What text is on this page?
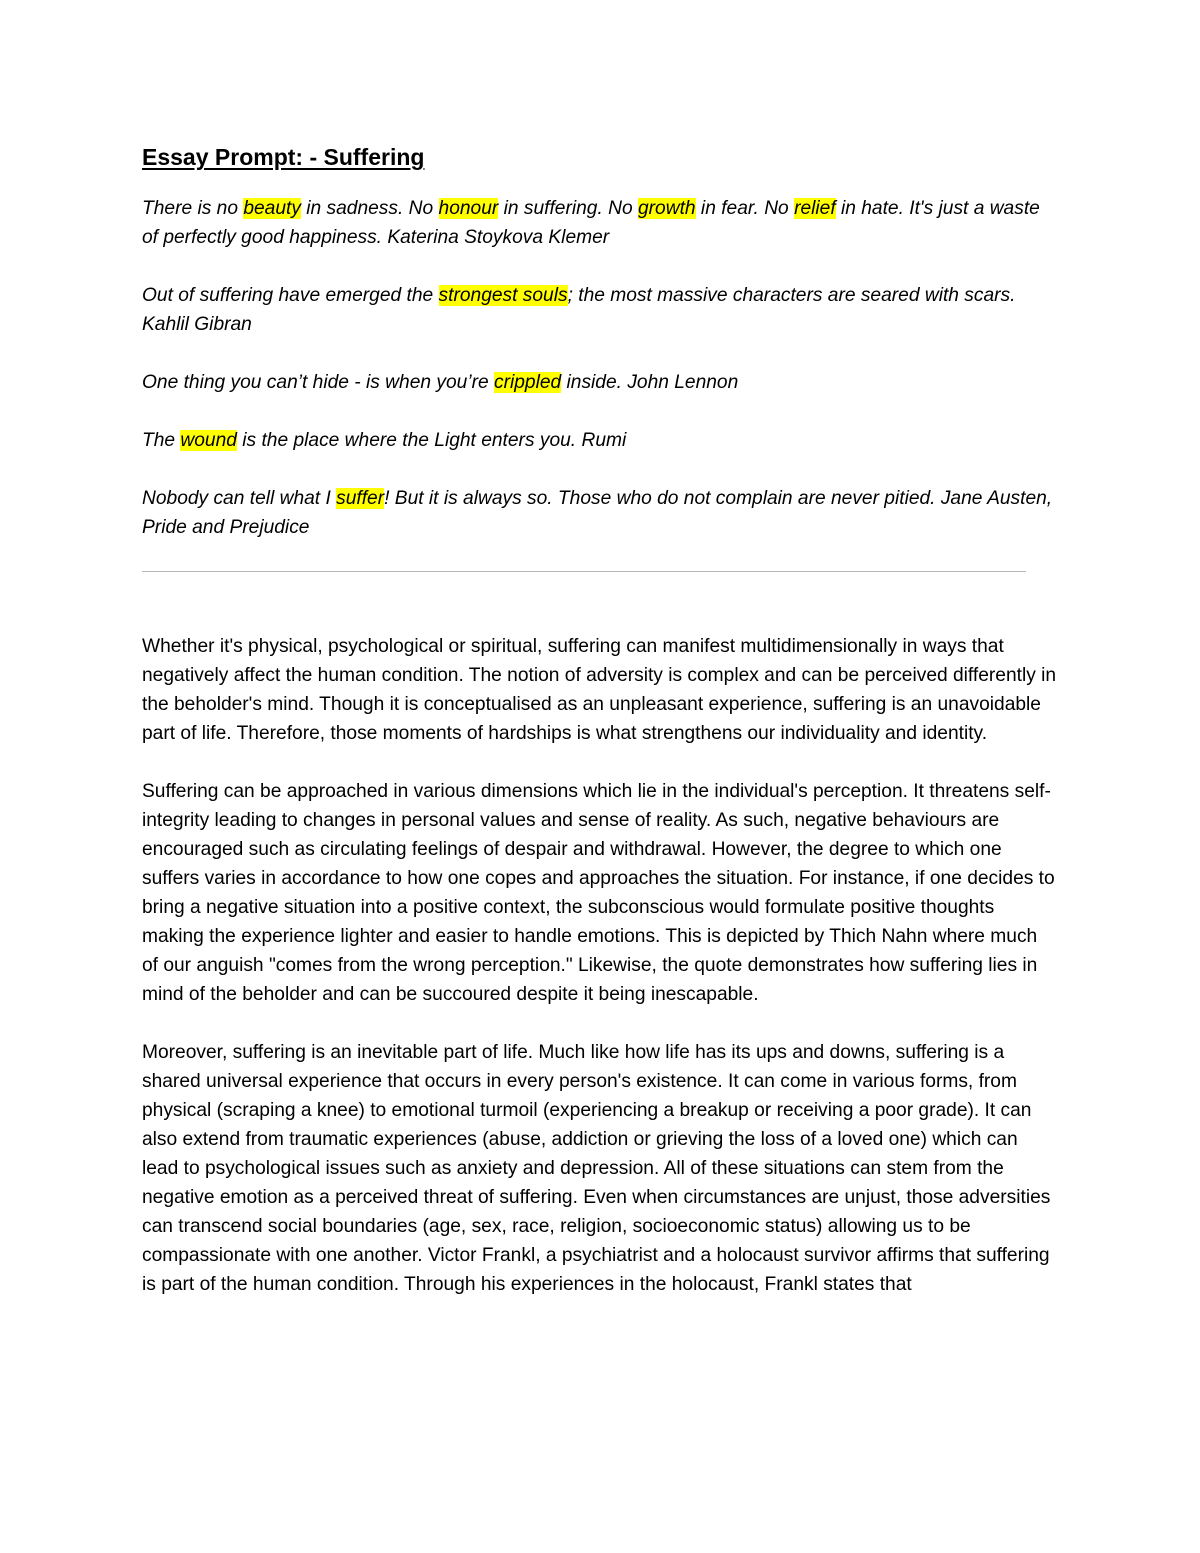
Essay Prompt: - Suffering

There is no beauty in sadness. No honour in suffering. No growth in fear. No relief in hate. It's just a waste of perfectly good happiness. Katerina Stoykova Klemer

Out of suffering have emerged the strongest souls; the most massive characters are seared with scars. Kahlil Gibran

One thing you can’t hide - is when you’re crippled inside. John Lennon

The wound is the place where the Light enters you. Rumi

Nobody can tell what I suffer! But it is always so. Those who do not complain are never pitied. Jane Austen, Pride and Prejudice

Whether it's physical, psychological or spiritual, suffering can manifest multidimensionally in ways that negatively affect the human condition. The notion of adversity is complex and can be perceived differently in the beholder's mind. Though it is conceptualised as an unpleasant experience, suffering is an unavoidable part of life. Therefore, those moments of hardships is what strengthens our individuality and identity.

Suffering can be approached in various dimensions which lie in the individual's perception. It threatens self-integrity leading to changes in personal values and sense of reality. As such, negative behaviours are encouraged such as circulating feelings of despair and withdrawal. However, the degree to which one suffers varies in accordance to how one copes and approaches the situation. For instance, if one decides to bring a negative situation into a positive context, the subconscious would formulate positive thoughts making the experience lighter and easier to handle emotions. This is depicted by Thich Nahn where much of our anguish "comes from the wrong perception." Likewise, the quote demonstrates how suffering lies in mind of the beholder and can be succoured despite it being inescapable.

Moreover, suffering is an inevitable part of life. Much like how life has its ups and downs, suffering is a shared universal experience that occurs in every person's existence. It can come in various forms, from physical (scraping a knee) to emotional turmoil (experiencing a breakup or receiving a poor grade). It can also extend from traumatic experiences (abuse, addiction or grieving the loss of a loved one) which can lead to psychological issues such as anxiety and depression. All of these situations can stem from the negative emotion as a perceived threat of suffering. Even when circumstances are unjust, those adversities can transcend social boundaries (age, sex, race, religion, socioeconomic status) allowing us to be compassionate with one another. Victor Frankl, a psychiatrist and a holocaust survivor affirms that suffering is part of the human condition. Through his experiences in the holocaust, Frankl states that
